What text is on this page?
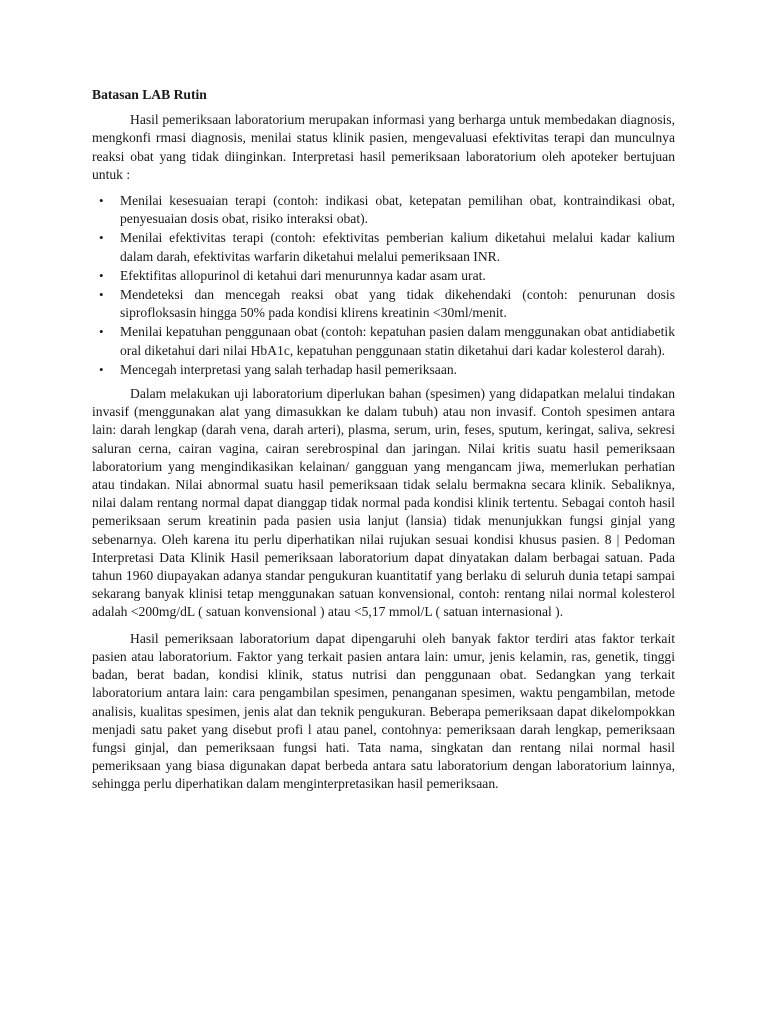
Batasan LAB Rutin

Hasil pemeriksaan laboratorium merupakan informasi yang berharga untuk membedakan diagnosis, mengkonfi rmasi diagnosis, menilai status klinik pasien, mengevaluasi efektivitas terapi dan munculnya reaksi obat yang tidak diinginkan. Interpretasi hasil pemeriksaan laboratorium oleh apoteker bertujuan untuk :

• Menilai kesesuaian terapi (contoh: indikasi obat, ketepatan pemilihan obat, kontraindikasi obat, penyesuaian dosis obat, risiko interaksi obat).
• Menilai efektivitas terapi (contoh: efektivitas pemberian kalium diketahui melalui kadar kalium dalam darah, efektivitas warfarin diketahui melalui pemeriksaan INR.
• Efektifitas allopurinol di ketahui dari menurunnya kadar asam urat.
• Mendeteksi dan mencegah reaksi obat yang tidak dikehendaki (contoh: penurunan dosis siprofloksasin hingga 50% pada kondisi klirens kreatinin <30ml/menit.
• Menilai kepatuhan penggunaan obat (contoh: kepatuhan pasien dalam menggunakan obat antidiabetik oral diketahui dari nilai HbA1c, kepatuhan penggunaan statin diketahui dari kadar kolesterol darah).
• Mencegah interpretasi yang salah terhadap hasil pemeriksaan.

Dalam melakukan uji laboratorium diperlukan bahan (spesimen) yang didapatkan melalui tindakan invasif (menggunakan alat yang dimasukkan ke dalam tubuh) atau non invasif. Contoh spesimen antara lain: darah lengkap (darah vena, darah arteri), plasma, serum, urin, feses, sputum, keringat, saliva, sekresi saluran cerna, cairan vagina, cairan serebrospinal dan jaringan. Nilai kritis suatu hasil pemeriksaan laboratorium yang mengindikasikan kelainan/ gangguan yang mengancam jiwa, memerlukan perhatian atau tindakan. Nilai abnormal suatu hasil pemeriksaan tidak selalu bermakna secara klinik. Sebaliknya, nilai dalam rentang normal dapat dianggap tidak normal pada kondisi klinik tertentu. Sebagai contoh hasil pemeriksaan serum kreatinin pada pasien usia lanjut (lansia) tidak menunjukkan fungsi ginjal yang sebenarnya. Oleh karena itu perlu diperhatikan nilai rujukan sesuai kondisi khusus pasien. 8 | Pedoman Interpretasi Data Klinik Hasil pemeriksaan laboratorium dapat dinyatakan dalam berbagai satuan. Pada tahun 1960 diupayakan adanya standar pengukuran kuantitatif yang berlaku di seluruh dunia tetapi sampai sekarang banyak klinisi tetap menggunakan satuan konvensional, contoh: rentang nilai normal kolesterol adalah <200mg/dL ( satuan konvensional ) atau <5,17 mmol/L ( satuan internasional ).

Hasil pemeriksaan laboratorium dapat dipengaruhi oleh banyak faktor terdiri atas faktor terkait pasien atau laboratorium. Faktor yang terkait pasien antara lain: umur, jenis kelamin, ras, genetik, tinggi badan, berat badan, kondisi klinik, status nutrisi dan penggunaan obat. Sedangkan yang terkait laboratorium antara lain: cara pengambilan spesimen, penanganan spesimen, waktu pengambilan, metode analisis, kualitas spesimen, jenis alat dan teknik pengukuran. Beberapa pemeriksaan dapat dikelompokkan menjadi satu paket yang disebut profi l atau panel, contohnya: pemeriksaan darah lengkap, pemeriksaan fungsi ginjal, dan pemeriksaan fungsi hati. Tata nama, singkatan dan rentang nilai normal hasil pemeriksaan yang biasa digunakan dapat berbeda antara satu laboratorium dengan laboratorium lainnya, sehingga perlu diperhatikan dalam menginterpretasikan hasil pemeriksaan.
